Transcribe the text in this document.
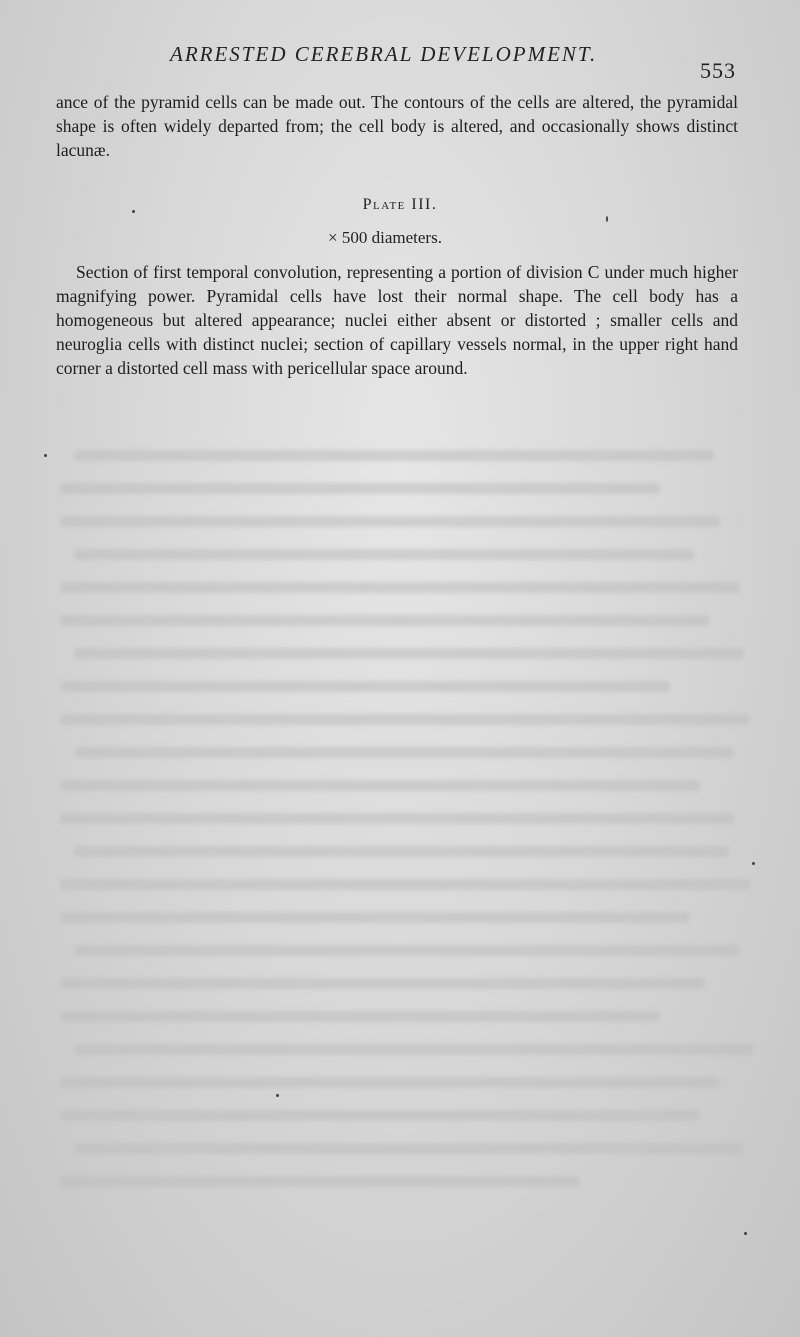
ARRESTED CEREBRAL DEVELOPMENT.
553

ance of the pyramid cells can be made out. The contours of the cells are altered, the pyramidal shape is often widely departed from; the cell body is altered, and occasionally shows distinct lacunæ.

Plate III.
× 500 diameters.

Section of first temporal convolution, representing a portion of division C under much higher magnifying power. Pyramidal cells have lost their normal shape. The cell body has a homogeneous but altered appearance; nuclei either absent or distorted ; smaller cells and neuroglia cells with distinct nuclei; section of capillary vessels normal, in the upper right hand corner a distorted cell mass with pericellular space around.
